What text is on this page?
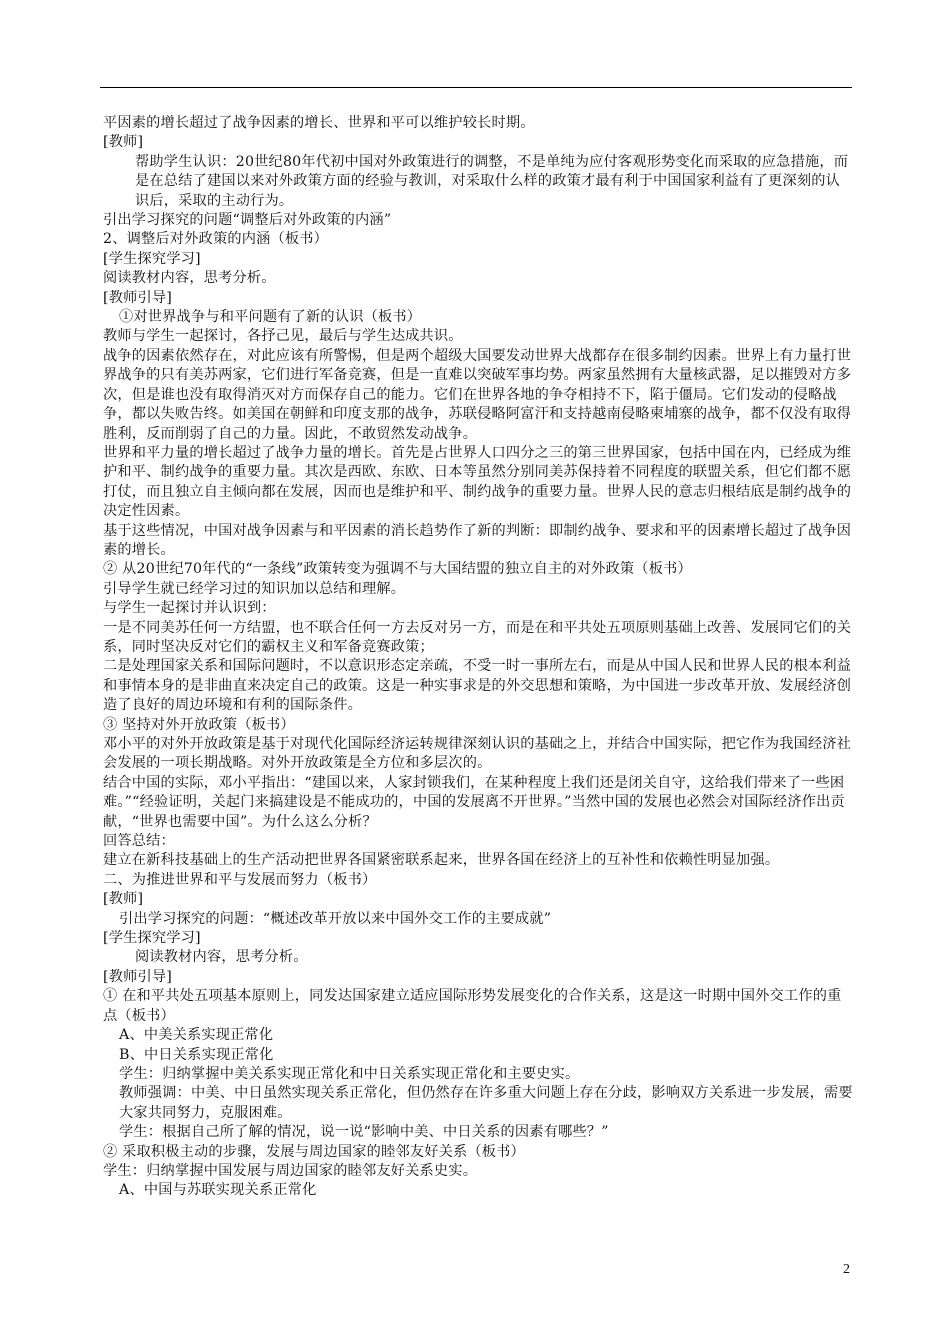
平因素的增长超过了战争因素的增长、世界和平可以维护较长时期。

[教师]

帮助学生认识：20世纪80年代初中国对外政策进行的调整，不是单纯为应付客观形势变化而采取的应急措施，而是在总结了建国以来对外政策方面的经验与教训，对采取什么样的政策才最有利于中国国家利益有了更深刻的认识后，采取的主动行为。

引出学习探究的问题“调整后对外政策的内涵”

2、调整后对外政策的内涵（板书）

[学生探究学习]

阅读教材内容，思考分析。

[教师引导]

①对世界战争与和平问题有了新的认识（板书）

教师与学生一起探讨，各抒己见，最后与学生达成共识。

战争的因素依然存在，对此应该有所警惕，但是两个超级大国要发动世界大战都存在很多制约因素。世界上有力量打世界战争的只有美苏两家，它们进行军备竞赛，但是一直难以突破军事均势。两家虽然拥有大量核武器，足以摧毁对方多次，但是谁也没有取得消灭对方而保存自己的能力。它们在世界各地的争夺相持不下，陷于僵局。它们发动的侵略战争，都以失败告终。如美国在朝鲜和印度支那的战争，苏联侵略阿富汗和支持越南侵略柬埔寨的战争，都不仅没有取得胜利，反而削弱了自己的力量。因此，不敢贸然发动战争。

世界和平力量的增长超过了战争力量的增长。首先是占世界人口四分之三的第三世界国家，包括中国在内，已经成为维护和平、制约战争的重要力量。其次是西欧、东欧、日本等虽然分别同美苏保持着不同程度的联盟关系，但它们都不愿打仗，而且独立自主倾向都在发展，因而也是维护和平、制约战争的重要力量。世界人民的意志归根结底是制约战争的决定性因素。

基于这些情况，中国对战争因素与和平因素的消长趋势作了新的判断：即制约战争、要求和平的因素增长超过了战争因素的增长。

② 从20世纪70年代的“一条线”政策转变为强调不与大国结盟的独立自主的对外政策（板书）

引导学生就已经学习过的知识加以总结和理解。

与学生一起探讨并认识到：

一是不同美苏任何一方结盟，也不联合任何一方去反对另一方，而是在和平共处五项原则基础上改善、发展同它们的关系，同时坚决反对它们的霸权主义和军备竞赛政策；

二是处理国家关系和国际问题时，不以意识形态定亲疏，不受一时一事所左右，而是从中国人民和世界人民的根本利益和事情本身的是非曲直来决定自己的政策。这是一种实事求是的外交思想和策略，为中国进一步改革开放、发展经济创造了良好的周边环境和有利的国际条件。

③ 坚持对外开放政策（板书）

邓小平的对外开放政策是基于对现代化国际经济运转规律深刻认识的基础之上，并结合中国实际，把它作为我国经济社会发展的一项长期战略。对外开放政策是全方位和多层次的。

结合中国的实际，邓小平指出：“建国以来，人家封锁我们，在某种程度上我们还是闭关自守，这给我们带来了一些困难。”“经验证明，关起门来搞建设是不能成功的，中国的发展离不开世界。”当然中国的发展也必然会对国际经济作出贡献，“世界也需要中国”。为什么这么分析？

回答总结：

建立在新科技基础上的生产活动把世界各国紧密联系起来，世界各国在经济上的互补性和依赖性明显加强。

二、为推进世界和平与发展而努力（板书）

[教师]

引出学习探究的问题：“概述改革开放以来中国外交工作的主要成就”

[学生探究学习]

阅读教材内容，思考分析。

[教师引导]

① 在和平共处五项基本原则上，同发达国家建立适应国际形势发展变化的合作关系，这是这一时期中国外交工作的重点（板书）

A、中美关系实现正常化

B、中日关系实现正常化

学生：归纳掌握中美关系实现正常化和中日关系实现正常化和主要史实。

教师强调：中美、中日虽然实现关系正常化，但仍然存在许多重大问题上存在分歧，影响双方关系进一步发展，需要大家共同努力，克服困难。

学生：根据自己所了解的情况，说一说“影响中美、中日关系的因素有哪些？”

② 采取积极主动的步骤，发展与周边国家的睦邻友好关系（板书）

学生：归纳掌握中国发展与周边国家的睦邻友好关系史实。

A、中国与苏联实现关系正常化

2
